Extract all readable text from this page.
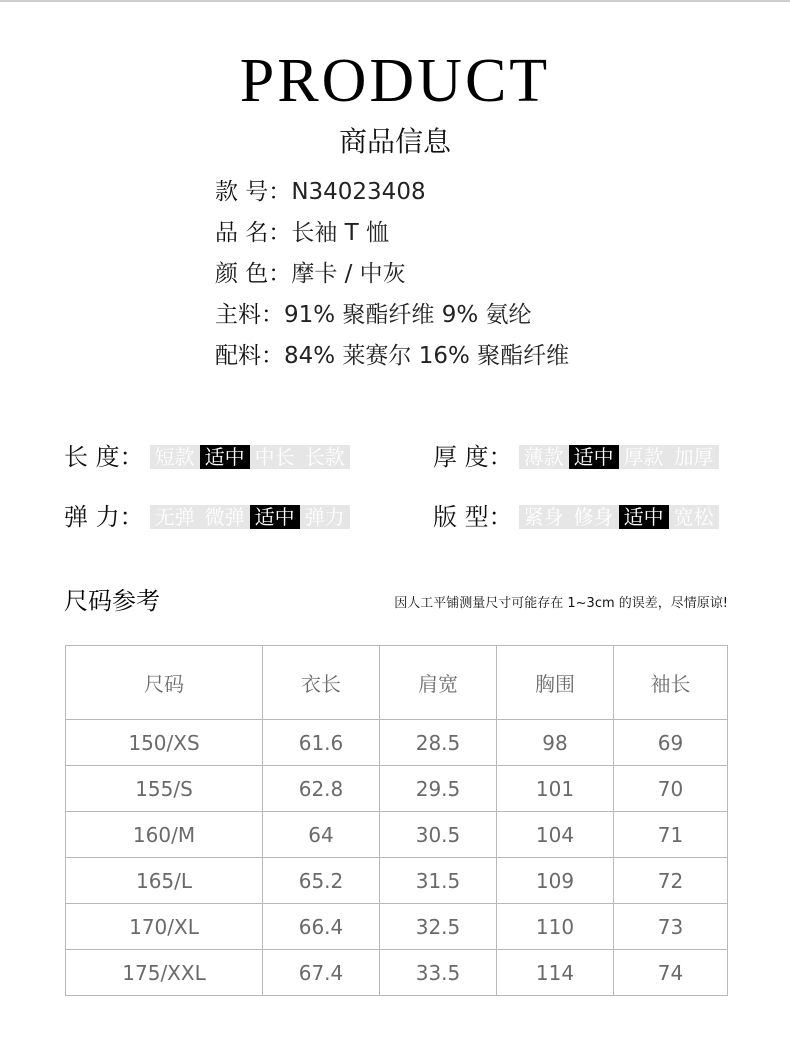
PRODUCT
商品信息
款 号：N34023408
品 名：长袖 T 恤
颜 色：摩卡 / 中灰
主料：91% 聚酯纤维 9% 氨纶
配料：84% 莱赛尔 16% 聚酯纤维
长 度： 短款 适中 中长 长款	厚 度： 薄款 适中 厚款 加厚
弹 力： 无弹 微弹 适中 弹力	版 型： 紧身 修身 适中 宽松
尺码参考	因人工平铺测量尺寸可能存在 1~3cm 的误差，尽情原谅!
尺码	衣长	肩宽	胸围	袖长
150/XS	61.6	28.5	98	69
155/S	62.8	29.5	101	70
160/M	64	30.5	104	71
165/L	65.2	31.5	109	72
170/XL	66.4	32.5	110	73
175/XXL	67.4	33.5	114	74
